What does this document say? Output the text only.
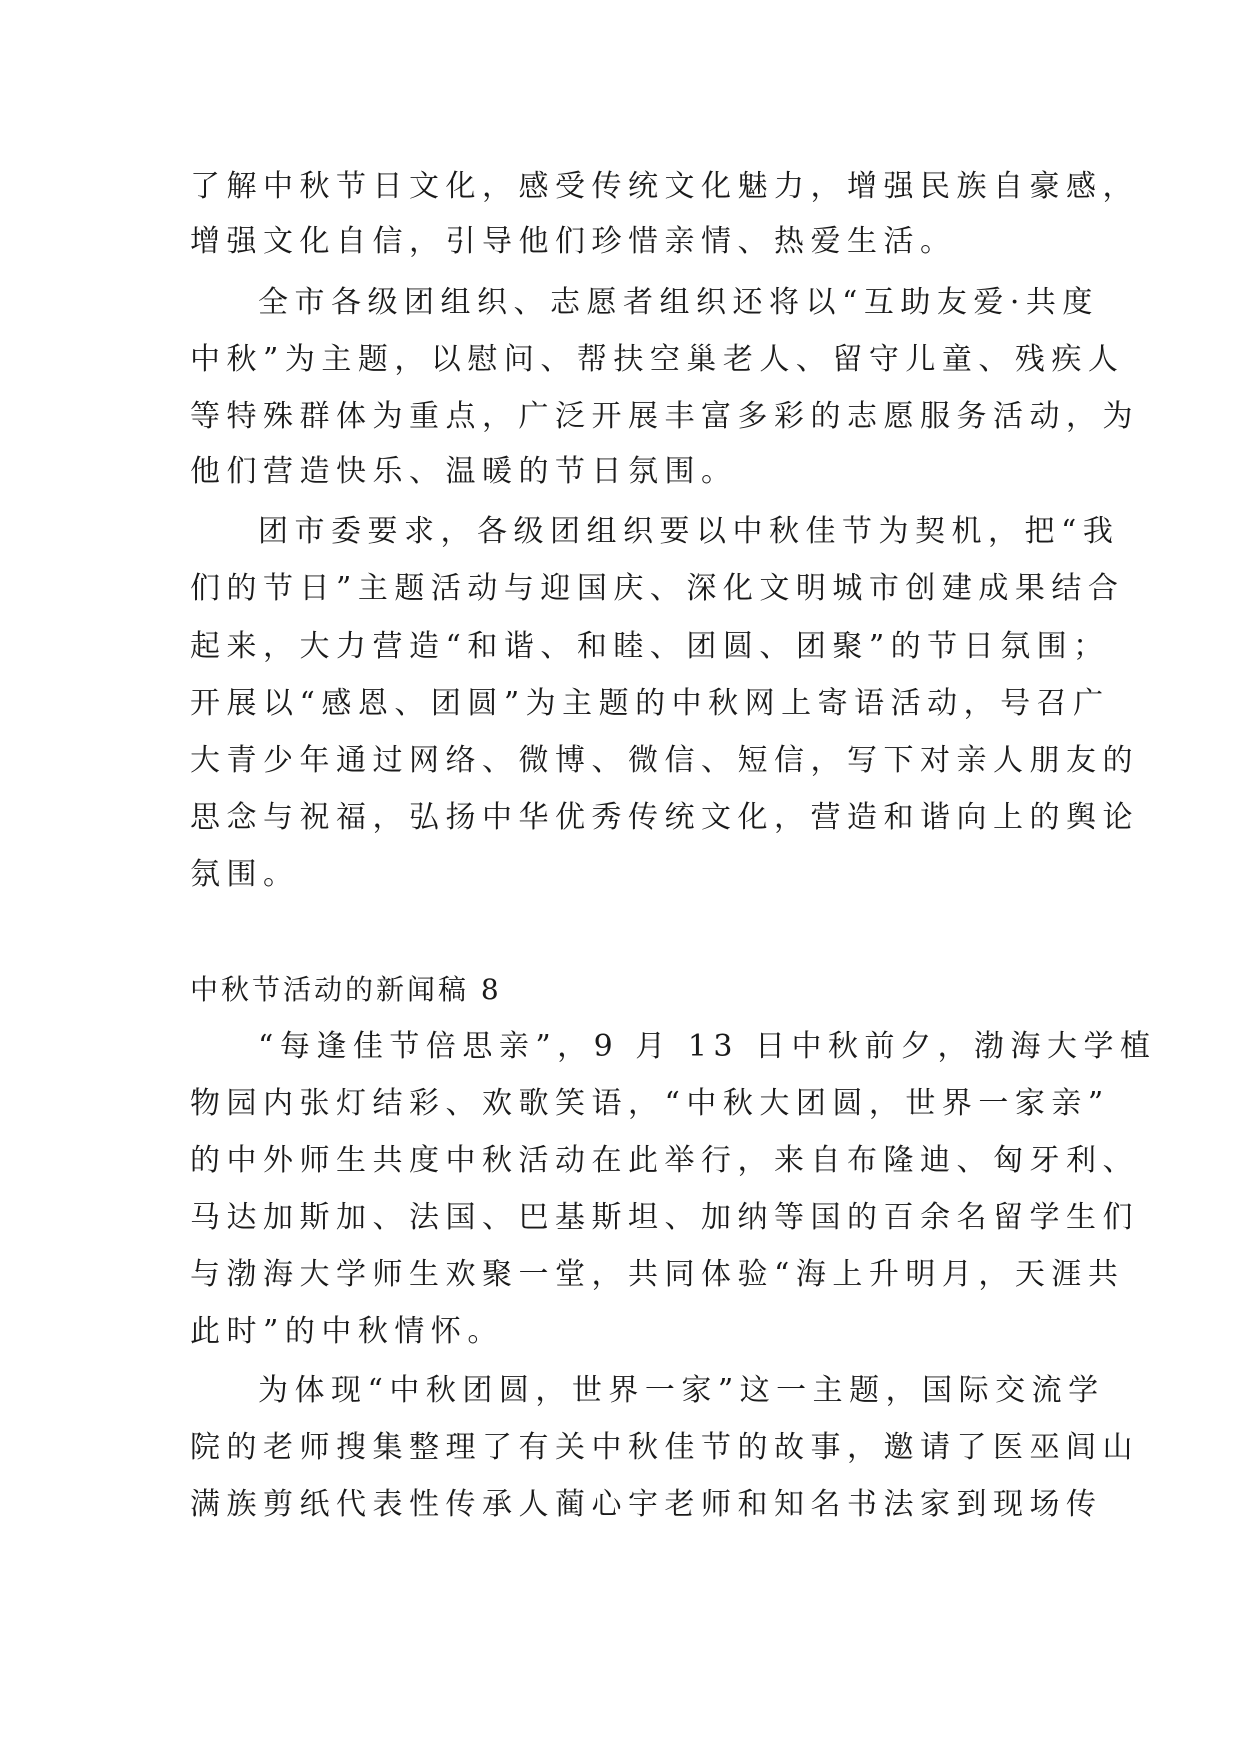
了解中秋节日文化，感受传统文化魅力，增强民族自豪感，
增强文化自信，引导他们珍惜亲情、热爱生活。
全市各级团组织、志愿者组织还将以“互助友爱·共度
中秋”为主题，以慰问、帮扶空巢老人、留守儿童、残疾人
等特殊群体为重点，广泛开展丰富多彩的志愿服务活动，为
他们营造快乐、温暖的节日氛围。
团市委要求，各级团组织要以中秋佳节为契机，把“我
们的节日”主题活动与迎国庆、深化文明城市创建成果结合
起来，大力营造“和谐、和睦、团圆、团聚”的节日氛围；
开展以“感恩、团圆”为主题的中秋网上寄语活动，号召广
大青少年通过网络、微博、微信、短信，写下对亲人朋友的
思念与祝福，弘扬中华优秀传统文化，营造和谐向上的舆论
氛围。
中秋节活动的新闻稿 8
“每逢佳节倍思亲”，9 月 13 日中秋前夕，渤海大学植
物园内张灯结彩、欢歌笑语，“中秋大团圆，世界一家亲”
的中外师生共度中秋活动在此举行，来自布隆迪、匈牙利、
马达加斯加、法国、巴基斯坦、加纳等国的百余名留学生们
与渤海大学师生欢聚一堂，共同体验“海上升明月，天涯共
此时”的中秋情怀。
为体现“中秋团圆，世界一家”这一主题，国际交流学
院的老师搜集整理了有关中秋佳节的故事，邀请了医巫闾山
满族剪纸代表性传承人蔺心宇老师和知名书法家到现场传
